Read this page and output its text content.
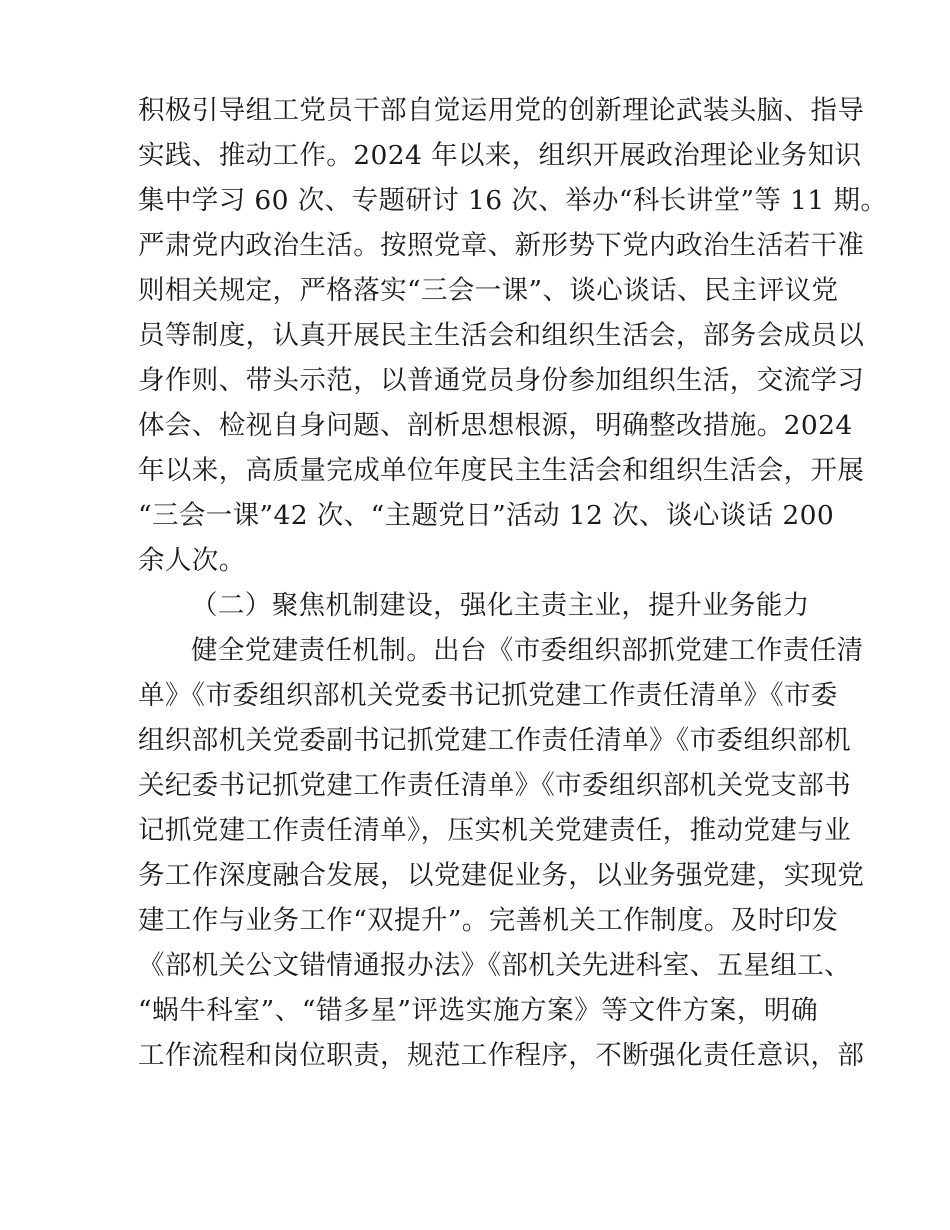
积极引导组工党员干部自觉运用党的创新理论武装头脑、指导
实践、推动工作。2024 年以来，组织开展政治理论业务知识
集中学习 60 次、专题研讨 16 次、举办“科长讲堂”等 11 期。
严肃党内政治生活。按照党章、新形势下党内政治生活若干准
则相关规定，严格落实“三会一课”、谈心谈话、民主评议党
员等制度，认真开展民主生活会和组织生活会，部务会成员以
身作则、带头示范，以普通党员身份参加组织生活，交流学习
体会、检视自身问题、剖析思想根源，明确整改措施。2024
年以来，高质量完成单位年度民主生活会和组织生活会，开展
“三会一课”42 次、“主题党日”活动 12 次、谈心谈话 200
余人次。
（二）聚焦机制建设，强化主责主业，提升业务能力
健全党建责任机制。出台《市委组织部抓党建工作责任清
单》《市委组织部机关党委书记抓党建工作责任清单》《市委
组织部机关党委副书记抓党建工作责任清单》《市委组织部机
关纪委书记抓党建工作责任清单》《市委组织部机关党支部书
记抓党建工作责任清单》，压实机关党建责任，推动党建与业
务工作深度融合发展，以党建促业务，以业务强党建，实现党
建工作与业务工作“双提升”。完善机关工作制度。及时印发
《部机关公文错情通报办法》《部机关先进科室、五星组工、
“蜗牛科室”、“错多星”评选实施方案》等文件方案，明确
工作流程和岗位职责，规范工作程序，不断强化责任意识，部
